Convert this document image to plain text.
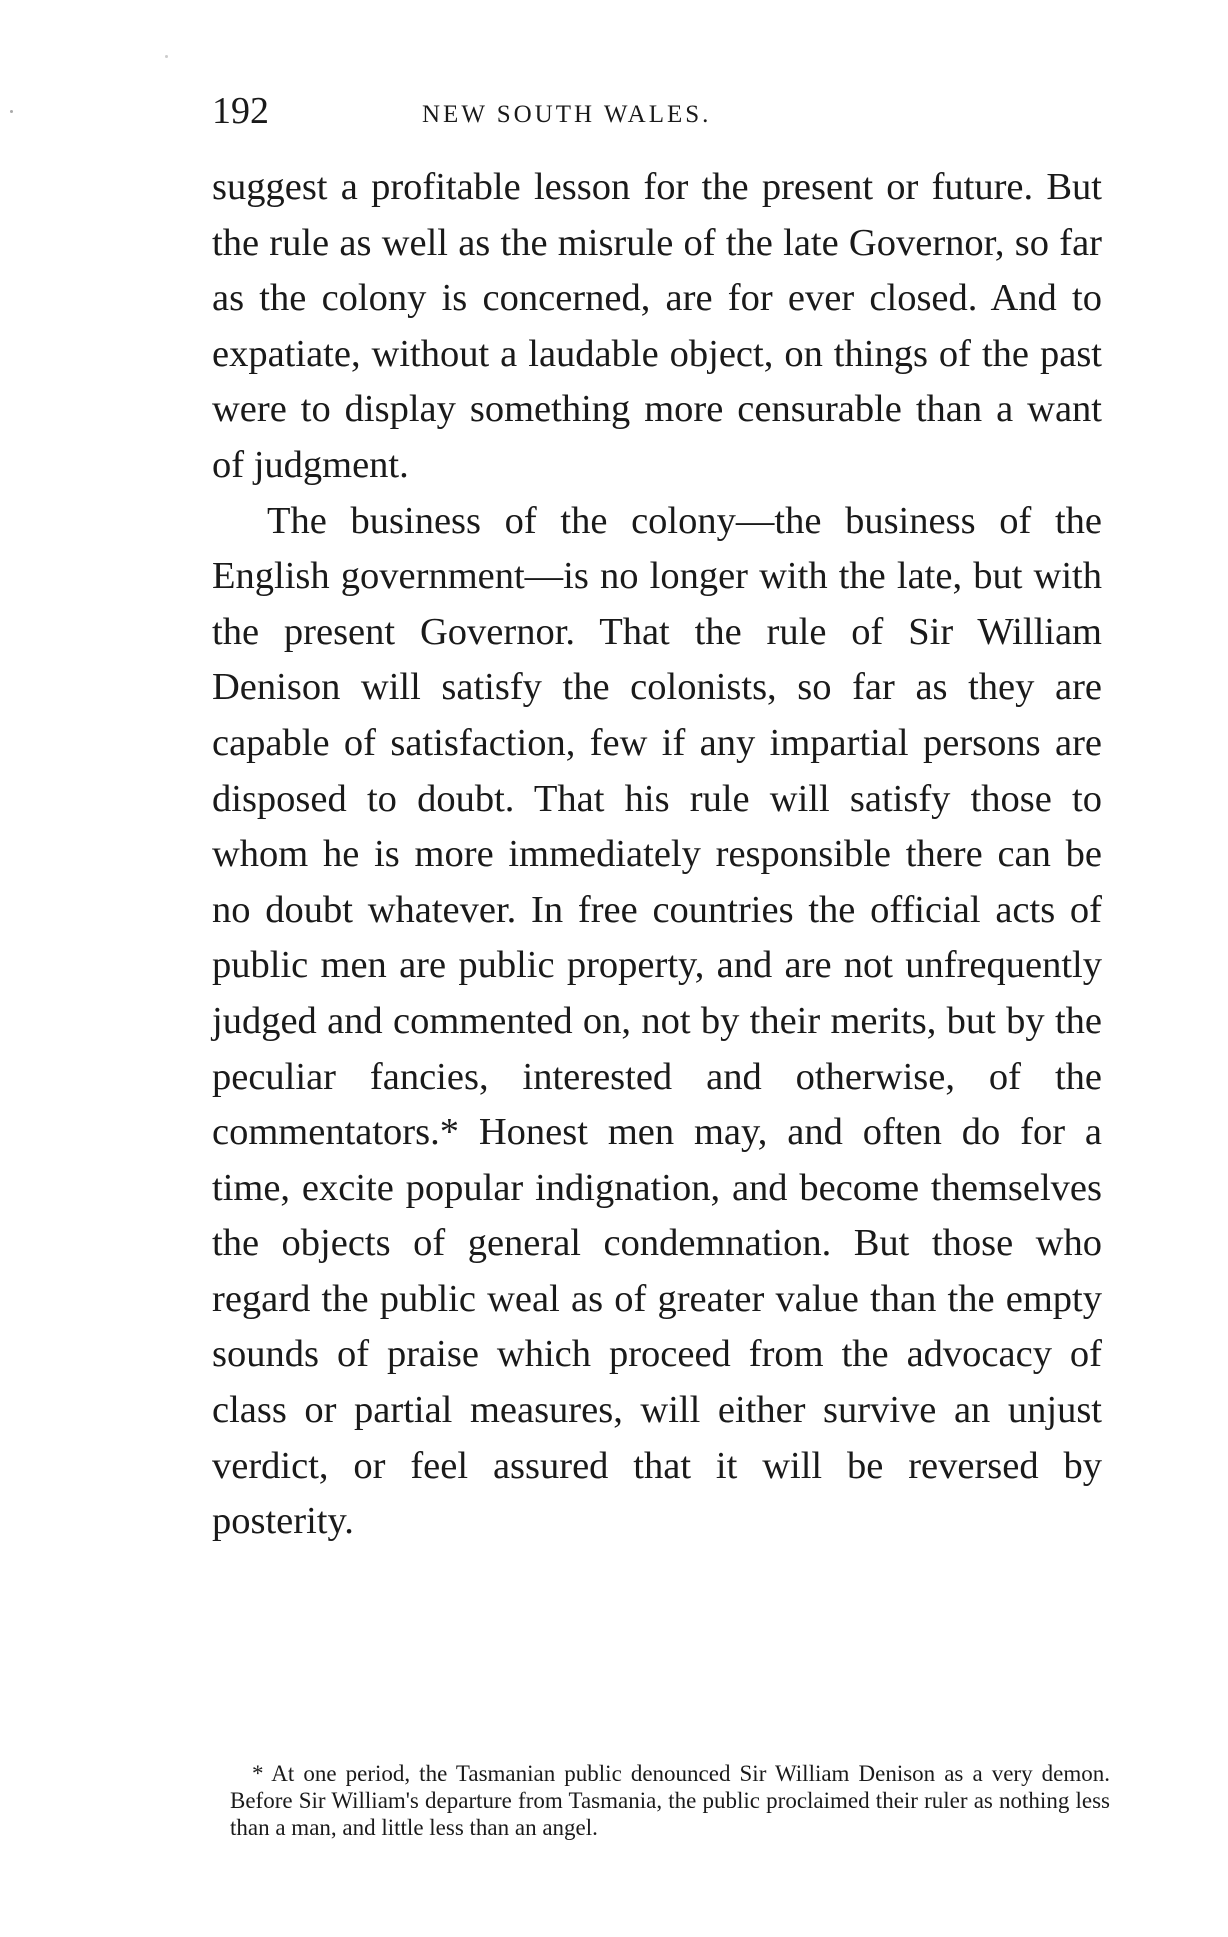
192	NEW SOUTH WALES.

suggest a profitable lesson for the present or future. But the rule as well as the misrule of the late Governor, so far as the colony is concerned, are for ever closed. And to expatiate, without a laudable object, on things of the past were to display something more censurable than a want of judgment.

The business of the colony—the business of the English government—is no longer with the late, but with the present Governor. That the rule of Sir William Denison will satisfy the colonists, so far as they are capable of satisfaction, few if any impartial persons are disposed to doubt. That his rule will satisfy those to whom he is more immediately responsible there can be no doubt whatever. In free countries the official acts of public men are public property, and are not unfrequently judged and commented on, not by their merits, but by the peculiar fancies, interested and otherwise, of the commentators.* Honest men may, and often do for a time, excite popular indignation, and become themselves the objects of general condemnation. But those who regard the public weal as of greater value than the empty sounds of praise which proceed from the advocacy of class or partial measures, will either survive an unjust verdict, or feel assured that it will be reversed by posterity.

* At one period, the Tasmanian public denounced Sir William Denison as a very demon. Before Sir William's departure from Tasmania, the public proclaimed their ruler as nothing less than a man, and little less than an angel.
